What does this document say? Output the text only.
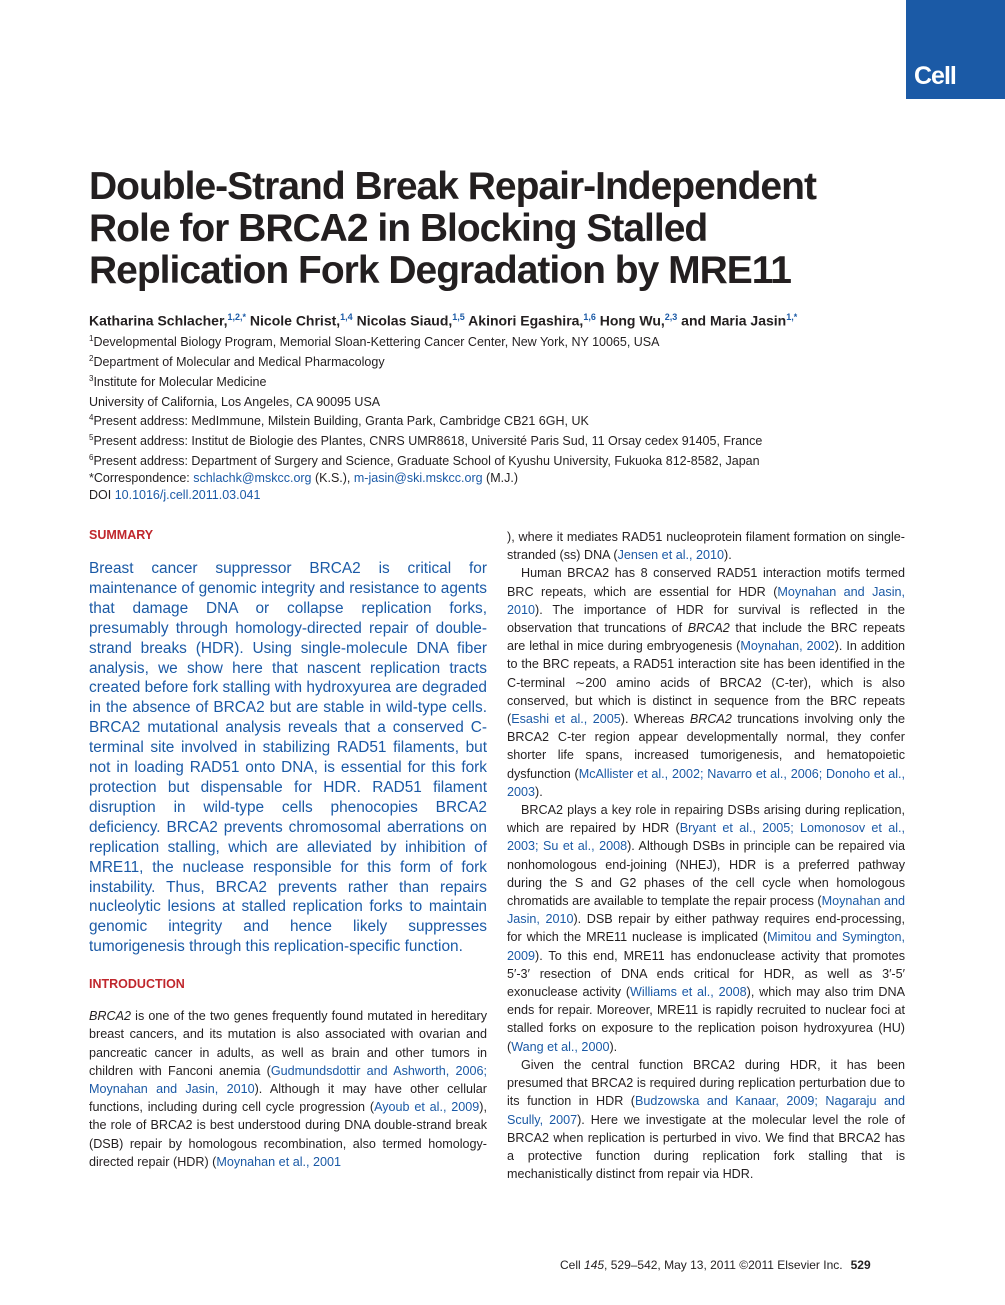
Cell
Double-Strand Break Repair-Independent
Role for BRCA2 in Blocking Stalled
Replication Fork Degradation by MRE11
Katharina Schlacher,$^{1,2,*}$ Nicole Christ,$^{1,4}$ Nicolas Siaud,$^{1,5}$ Akinori Egashira,$^{1,6}$ Hong Wu,$^{2,3}$ and Maria Jasin$^{1,*}$
$^1$Developmental Biology Program, Memorial Sloan-Kettering Cancer Center, New York, NY 10065, USA
$^2$Department of Molecular and Medical Pharmacology
$^3$Institute for Molecular Medicine
University of California, Los Angeles, CA 90095 USA
$^4$Present address: MedImmune, Milstein Building, Granta Park, Cambridge CB21 6GH, UK
$^5$Present address: Institut de Biologie des Plantes, CNRS UMR8618, Université Paris Sud, 11 Orsay cedex 91405, France
$^6$Present address: Department of Surgery and Science, Graduate School of Kyushu University, Fukuoka 812-8582, Japan
*Correspondence: schlachk@mskcc.org (K.S.), m-jasin@ski.mskcc.org (M.J.)
DOI 10.1016/j.cell.2011.03.041
SUMMARY
Breast cancer suppressor BRCA2 is critical for maintenance of genomic integrity and resistance to agents that damage DNA or collapse replication forks, presumably through homology-directed repair of double-strand breaks (HDR). Using single-molecule DNA fiber analysis, we show here that nascent replication tracts created before fork stalling with hydroxyurea are degraded in the absence of BRCA2 but are stable in wild-type cells. BRCA2 mutational analysis reveals that a conserved C-terminal site involved in stabilizing RAD51 filaments, but not in loading RAD51 onto DNA, is essential for this fork protection but dispensable for HDR. RAD51 filament disruption in wild-type cells phenocopies BRCA2 deficiency. BRCA2 prevents chromosomal aberrations on replication stalling, which are alleviated by inhibition of MRE11, the nuclease responsible for this form of fork instability. Thus, BRCA2 prevents rather than repairs nucleolytic lesions at stalled replication forks to maintain genomic integrity and hence likely suppresses tumorigenesis through this replication-specific function.
INTRODUCTION

BRCA2 is one of the two genes frequently found mutated in hereditary breast cancers, and its mutation is also associated with ovarian and pancreatic cancer in adults, as well as brain and other tumors in children with Fanconi anemia (Gudmundsdottir and Ashworth, 2006; Moynahan and Jasin, 2010). Although it may have other cellular functions, including during cell cycle progression (Ayoub et al., 2009), the role of BRCA2 is best understood during DNA double-strand break (DSB) repair by homologous recombination, also termed homology-directed repair (HDR) (Moynahan et al., 2001

), where it mediates RAD51 nucleoprotein filament formation on single-stranded (ss) DNA (Jensen et al., 2010).

Human BRCA2 has 8 conserved RAD51 interaction motifs termed BRC repeats, which are essential for HDR (Moynahan and Jasin, 2010). The importance of HDR for survival is reflected in the observation that truncations of BRCA2 that include the BRC repeats are lethal in mice during embryogenesis (Moynahan, 2002). In addition to the BRC repeats, a RAD51 interaction site has been identified in the C-terminal ∼200 amino acids of BRCA2 (C-ter), which is also conserved, but which is distinct in sequence from the BRC repeats (Esashi et al., 2005). Whereas BRCA2 truncations involving only the BRCA2 C-ter region appear developmentally normal, they confer shorter life spans, increased tumorigenesis, and hematopoietic dysfunction (McAllister et al., 2002; Navarro et al., 2006; Donoho et al., 2003).

BRCA2 plays a key role in repairing DSBs arising during replication, which are repaired by HDR (Bryant et al., 2005; Lomonosov et al., 2003; Su et al., 2008). Although DSBs in principle can be repaired via nonhomologous end-joining (NHEJ), HDR is a preferred pathway during the S and G2 phases of the cell cycle when homologous chromatids are available to template the repair process (Moynahan and Jasin, 2010). DSB repair by either pathway requires end-processing, for which the MRE11 nuclease is implicated (Mimitou and Symington, 2009). To this end, MRE11 has endonuclease activity that promotes 5′-3′ resection of DNA ends critical for HDR, as well as 3′-5′ exonuclease activity (Williams et al., 2008), which may also trim DNA ends for repair. Moreover, MRE11 is rapidly recruited to nuclear foci at stalled forks on exposure to the replication poison hydroxyurea (HU) (Wang et al., 2000).

Given the central function BRCA2 during HDR, it has been presumed that BRCA2 is required during replication perturbation due to its function in HDR (Budzowska and Kanaar, 2009; Nagaraju and Scully, 2007). Here we investigate at the molecular level the role of BRCA2 when replication is perturbed in vivo. We find that BRCA2 has a protective function during replication fork stalling that is mechanistically distinct from repair via HDR.

Cell 145, 529–542, May 13, 2011 ©2011 Elsevier Inc. 529
